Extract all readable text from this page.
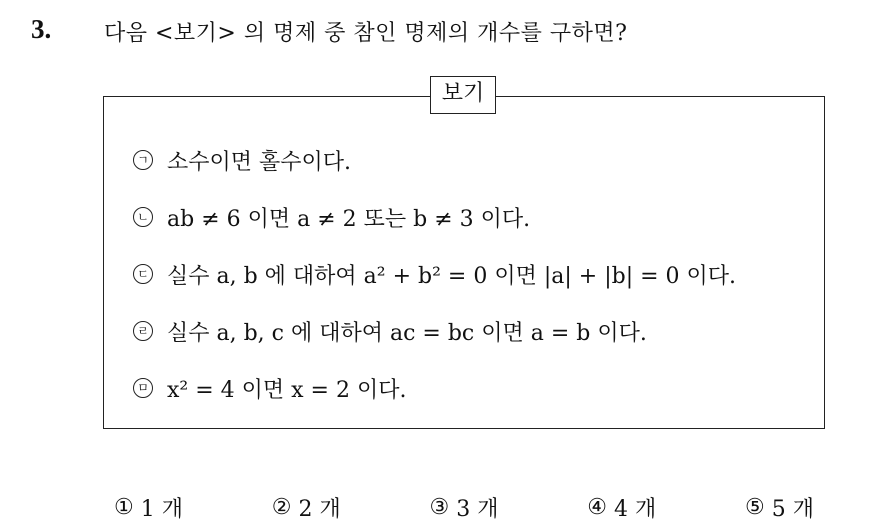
3. 다음 <보기> 의 명제 중 참인 명제의 개수를 구하면?
보기
ㄱ 소수이면 홀수이다.
ㄴ ab ≠ 6 이면 a ≠ 2 또는 b ≠ 3 이다.
ㄷ 실수 a, b 에 대하여 a² + b² = 0 이면 |a| + |b| = 0 이다.
ㄹ 실수 a, b, c 에 대하여 ac = bc 이면 a = b 이다.
ㅁ x² = 4 이면 x = 2 이다.
①
1 개	②
2 개	③
3 개	④
4 개	⑤
5 개
